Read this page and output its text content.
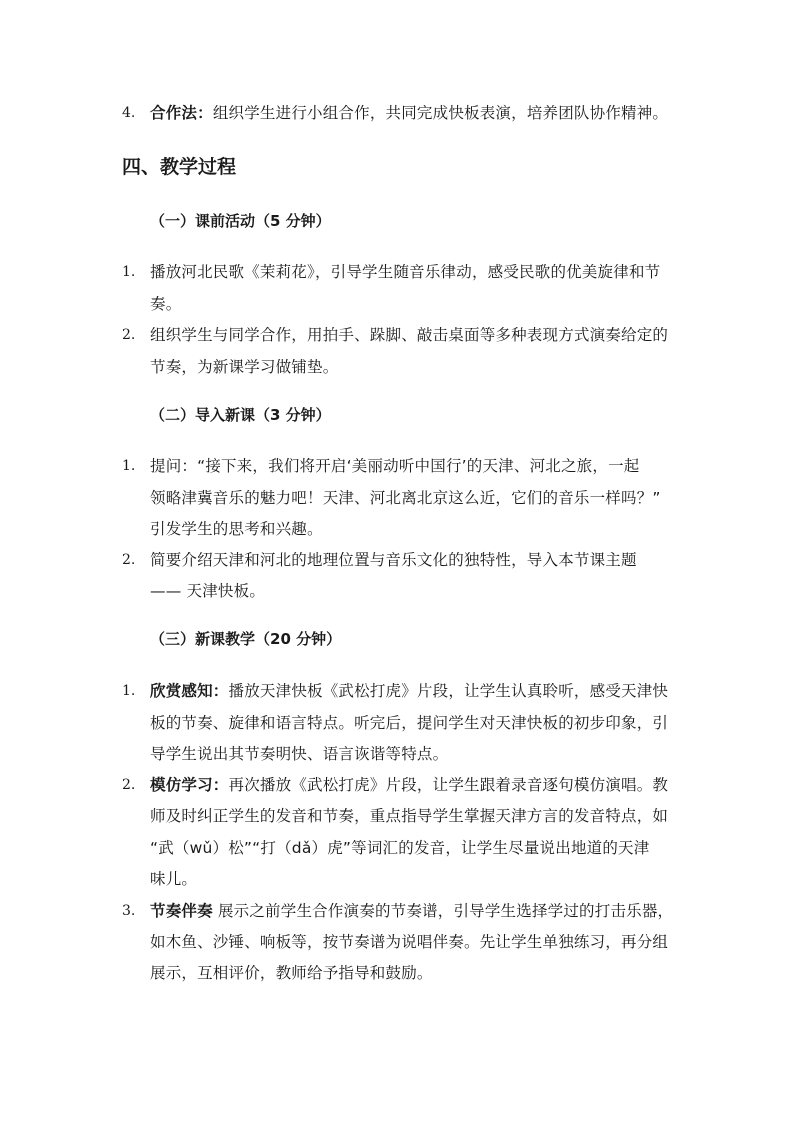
4. 合作法：组织学生进行小组合作，共同完成快板表演，培养团队协作精神。
四、教学过程
（一）课前活动（5 分钟）
1. 播放河北民歌《茉莉花》，引导学生随音乐律动，感受民歌的优美旋律和节
奏。
2. 组织学生与同学合作，用拍手、跺脚、敲击桌面等多种表现方式演奏给定的
节奏，为新课学习做铺垫。
（二）导入新课（3 分钟）
1. 提问：“接下来，我们将开启‘美丽动听中国行’的天津、河北之旅，一起
领略津冀音乐的魅力吧！天津、河北离北京这么近，它们的音乐一样吗？”
引发学生的思考和兴趣。
2. 简要介绍天津和河北的地理位置与音乐文化的独特性，导入本节课主题
—— 天津快板。
（三）新课教学（20 分钟）
1. 欣赏感知：播放天津快板《武松打虎》片段，让学生认真聆听，感受天津快
板的节奏、旋律和语言特点。听完后，提问学生对天津快板的初步印象，引
导学生说出其节奏明快、语言诙谐等特点。
2. 模仿学习：再次播放《武松打虎》片段，让学生跟着录音逐句模仿演唱。教
师及时纠正学生的发音和节奏，重点指导学生掌握天津方言的发音特点，如
“武（wǔ）松”“打（dǎ）虎”等词汇的发音，让学生尽量说出地道的天津
味儿。
3. 节奏伴奏 展示之前学生合作演奏的节奏谱，引导学生选择学过的打击乐器，
如木鱼、沙锤、响板等，按节奏谱为说唱伴奏。先让学生单独练习，再分组
展示，互相评价，教师给予指导和鼓励。
